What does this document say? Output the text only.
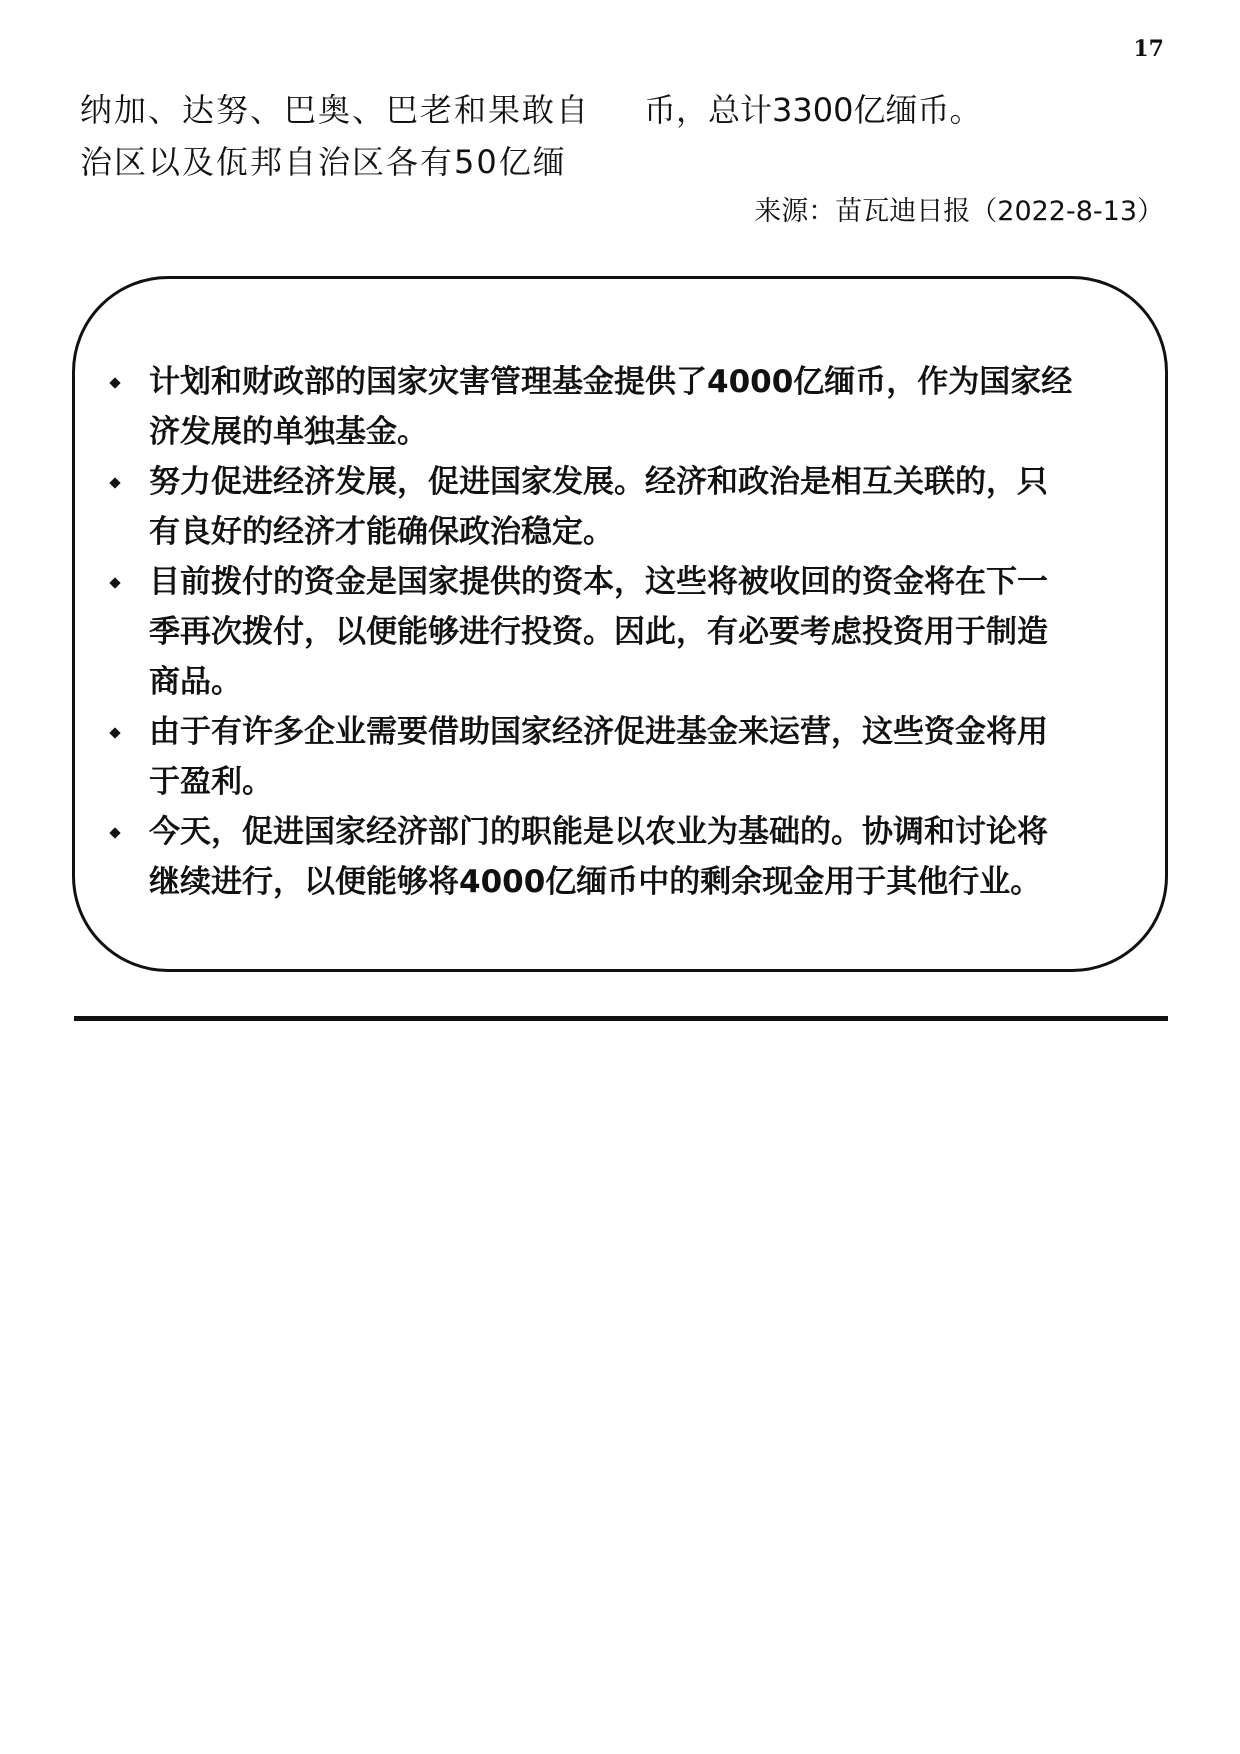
17
纳加、达努、巴奥、巴老和果敢自
治区以及佤邦自治区各有50亿缅
币，总计3300亿缅币。
来源：苗瓦迪日报（2022-8-13）
计划和财政部的国家灾害管理基金提供了4000亿缅币，作为国家经
济发展的单独基金。
努力促进经济发展，促进国家发展。经济和政治是相互关联的，只
有良好的经济才能确保政治稳定。
目前拨付的资金是国家提供的资本，这些将被收回的资金将在下一
季再次拨付，以便能够进行投资。因此，有必要考虑投资用于制造
商品。
由于有许多企业需要借助国家经济促进基金来运营，这些资金将用
于盈利。
今天，促进国家经济部门的职能是以农业为基础的。协调和讨论将
继续进行，以便能够将4000亿缅币中的剩余现金用于其他行业。
